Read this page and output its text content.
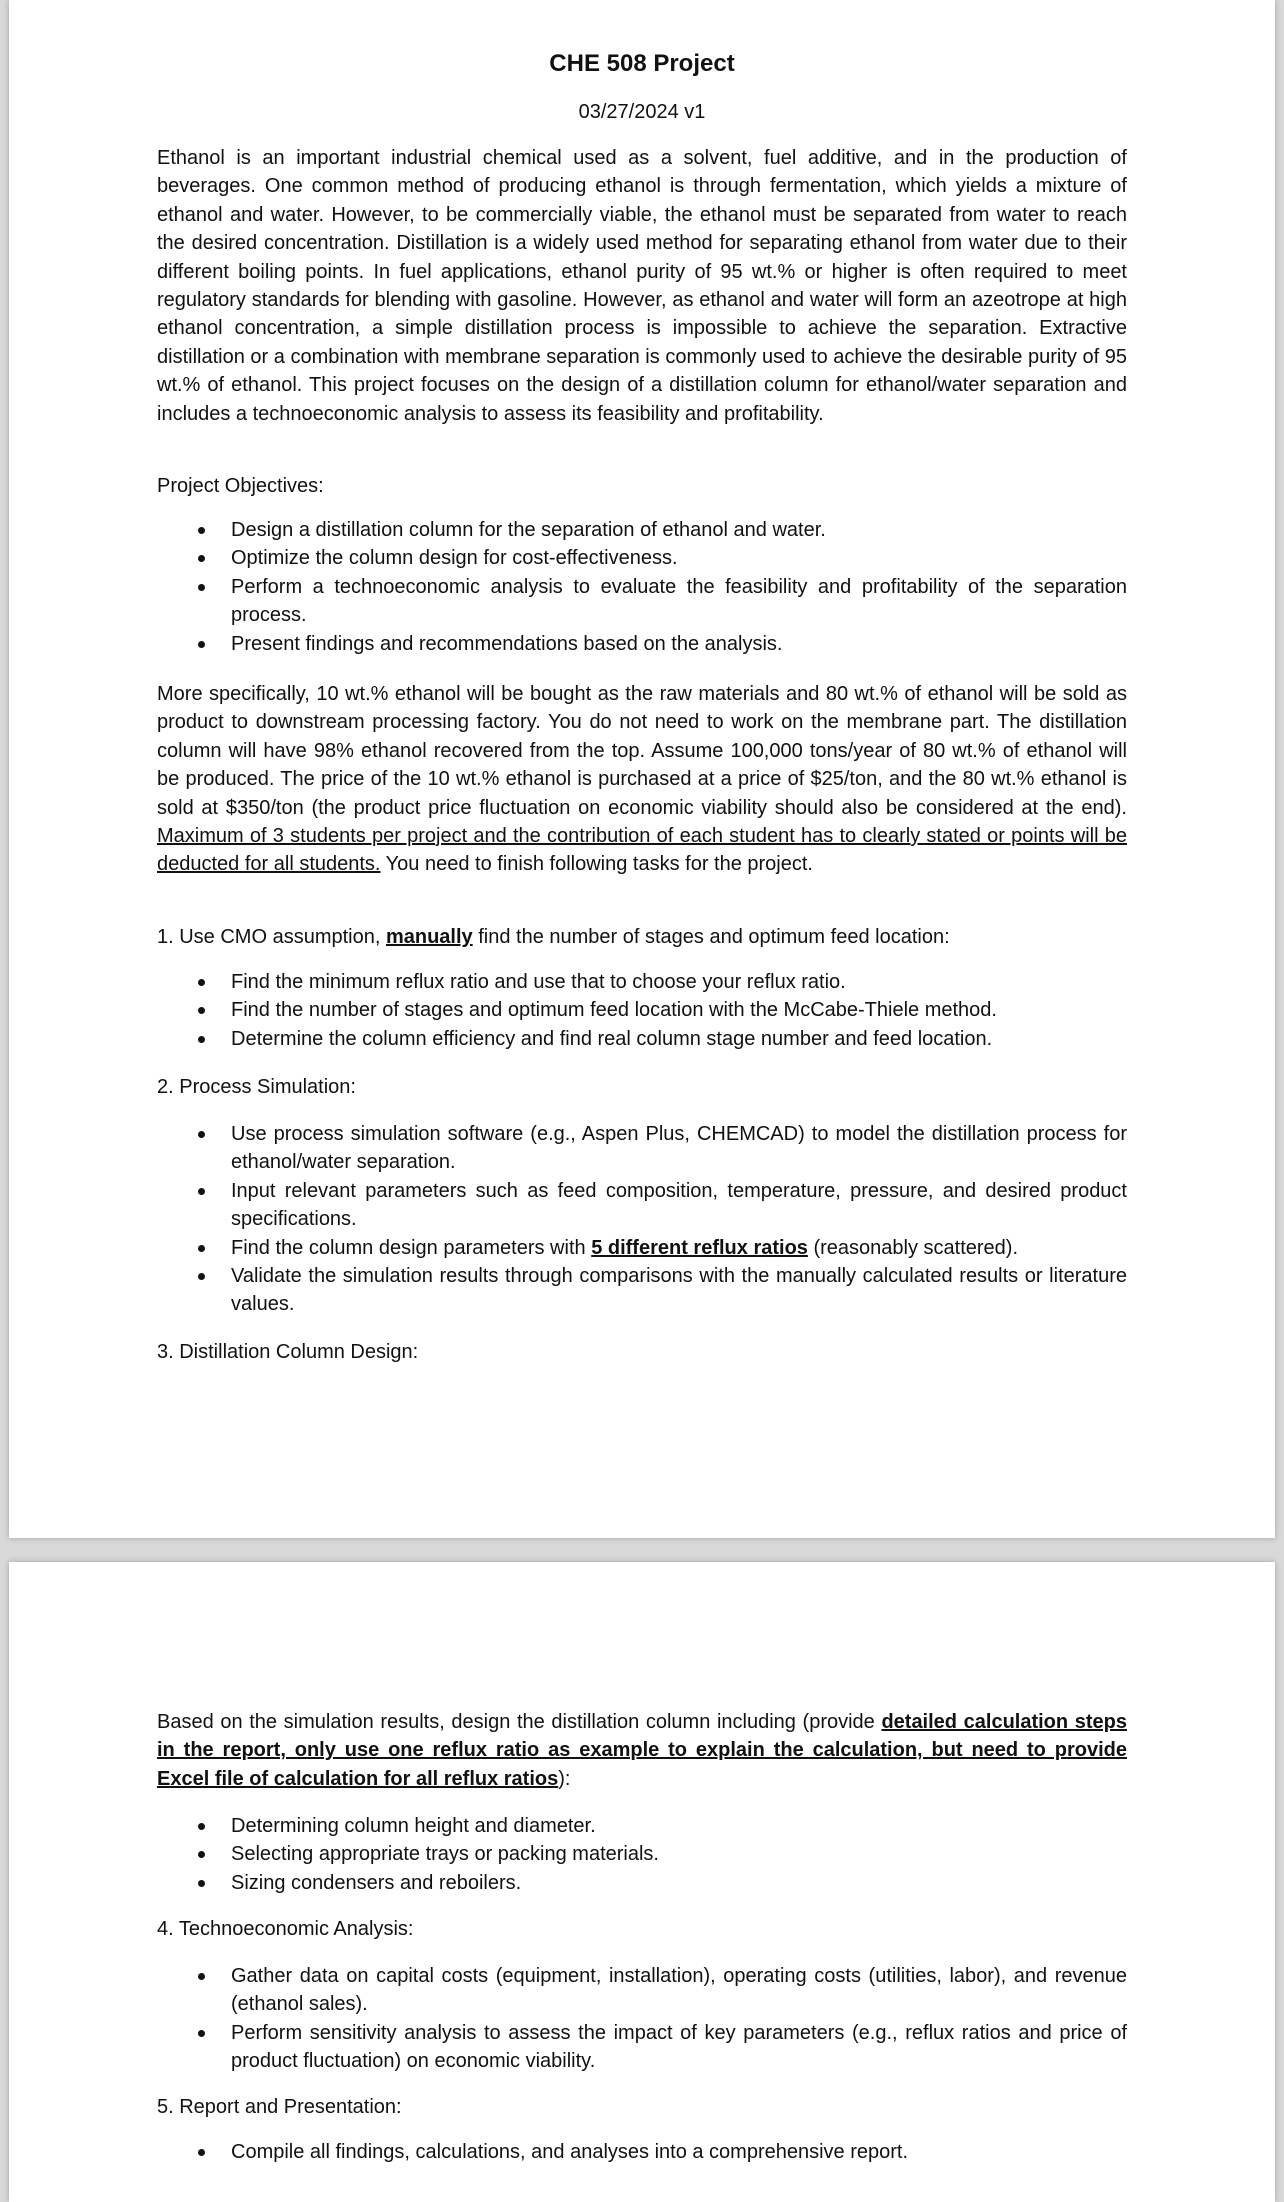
CHE 508 Project
03/27/2024 v1
Ethanol is an important industrial chemical used as a solvent, fuel additive, and in the production of beverages. One common method of producing ethanol is through fermentation, which yields a mixture of ethanol and water. However, to be commercially viable, the ethanol must be separated from water to reach the desired concentration. Distillation is a widely used method for separating ethanol from water due to their different boiling points. In fuel applications, ethanol purity of 95 wt.% or higher is often required to meet regulatory standards for blending with gasoline. However, as ethanol and water will form an azeotrope at high ethanol concentration, a simple distillation process is impossible to achieve the separation. Extractive distillation or a combination with membrane separation is commonly used to achieve the desirable purity of 95 wt.% of ethanol. This project focuses on the design of a distillation column for ethanol/water separation and includes a technoeconomic analysis to assess its feasibility and profitability.
Project Objectives:
Design a distillation column for the separation of ethanol and water.
Optimize the column design for cost-effectiveness.
Perform a technoeconomic analysis to evaluate the feasibility and profitability of the separation process.
Present findings and recommendations based on the analysis.
More specifically, 10 wt.% ethanol will be bought as the raw materials and 80 wt.% of ethanol will be sold as product to downstream processing factory. You do not need to work on the membrane part. The distillation column will have 98% ethanol recovered from the top. Assume 100,000 tons/year of 80 wt.% of ethanol will be produced. The price of the 10 wt.% ethanol is purchased at a price of $25/ton, and the 80 wt.% ethanol is sold at $350/ton (the product price fluctuation on economic viability should also be considered at the end). Maximum of 3 students per project and the contribution of each student has to clearly stated or points will be deducted for all students. You need to finish following tasks for the project.
1. Use CMO assumption, manually find the number of stages and optimum feed location:
Find the minimum reflux ratio and use that to choose your reflux ratio.
Find the number of stages and optimum feed location with the McCabe-Thiele method.
Determine the column efficiency and find real column stage number and feed location.
2. Process Simulation:
Use process simulation software (e.g., Aspen Plus, CHEMCAD) to model the distillation process for ethanol/water separation.
Input relevant parameters such as feed composition, temperature, pressure, and desired product specifications.
Find the column design parameters with 5 different reflux ratios (reasonably scattered).
Validate the simulation results through comparisons with the manually calculated results or literature values.
3. Distillation Column Design:
Based on the simulation results, design the distillation column including (provide detailed calculation steps in the report, only use one reflux ratio as example to explain the calculation, but need to provide Excel file of calculation for all reflux ratios):
Determining column height and diameter.
Selecting appropriate trays or packing materials.
Sizing condensers and reboilers.
4. Technoeconomic Analysis:
Gather data on capital costs (equipment, installation), operating costs (utilities, labor), and revenue (ethanol sales).
Perform sensitivity analysis to assess the impact of key parameters (e.g., reflux ratios and price of product fluctuation) on economic viability.
5. Report and Presentation:
Compile all findings, calculations, and analyses into a comprehensive report.
